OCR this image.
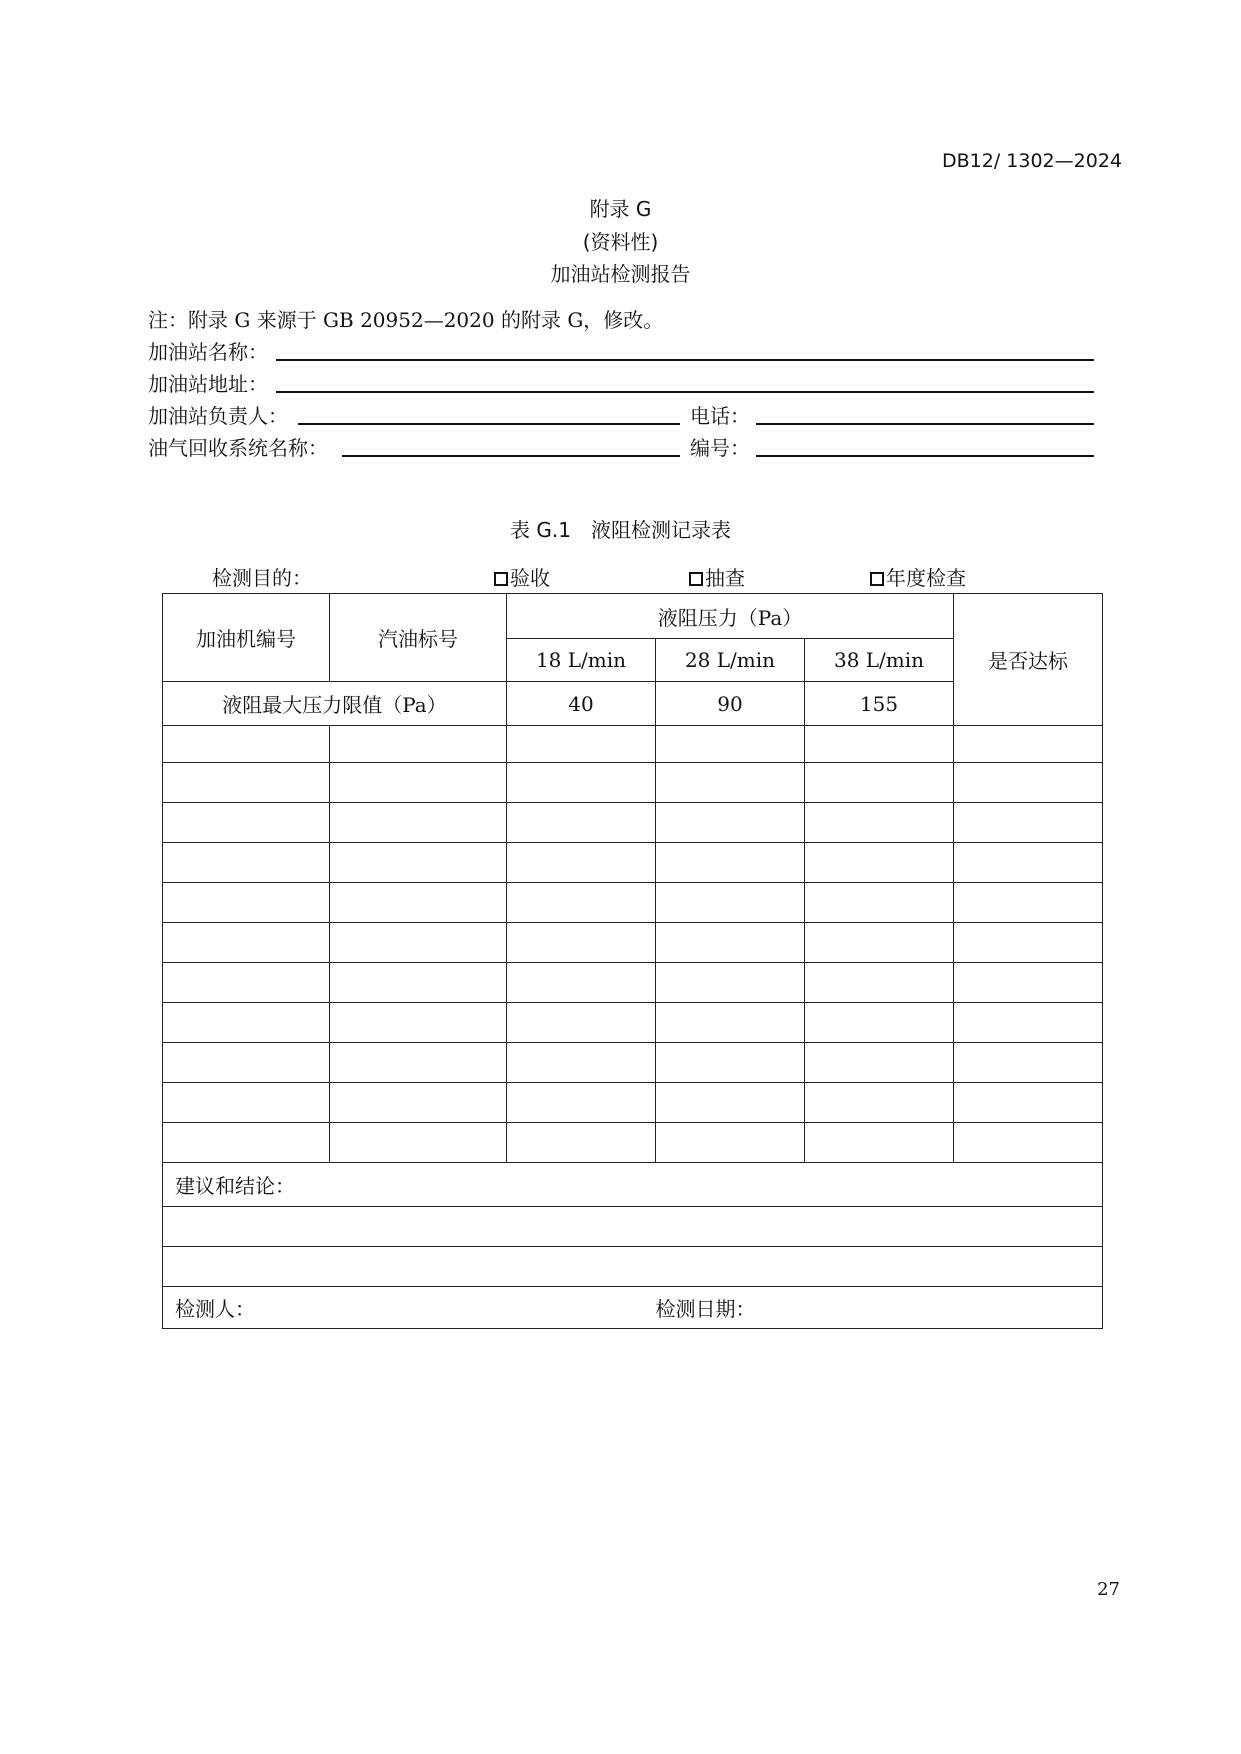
DB12/ 1302—2024
附录 G
(资料性)
加油站检测报告
注：附录 G 来源于 GB 20952—2020 的附录 G，修改。
加油站名称：
加油站地址：
加油站负责人：	电话：
油气回收系统名称：	编号：
表 G.1　液阻检测记录表
检测目的：	验收	抽查	年度检查
加油机编号	汽油标号	液阻压力（Pa）			是否达标
		18 L/min	28 L/min	38 L/min	
液阻最大压力限值（Pa）		40	90	155	

建议和结论：					

检测人：			检测日期：		
27
